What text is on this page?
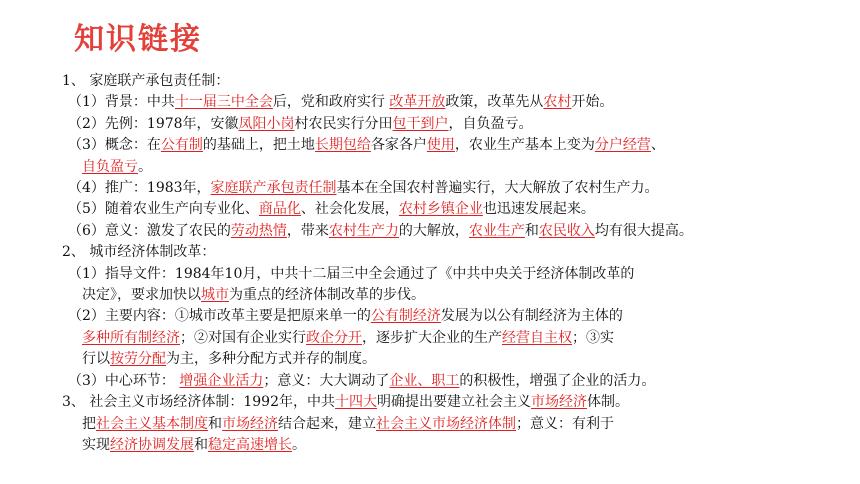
知识链接
1、 家庭联产承包责任制：
（1）背景：中共十一届三中全会后，党和政府实行 改革开放政策，改革先从农村开始。
（2）先例：1978年，安徽凤阳小岗村农民实行分田包干到户，自负盈亏。
（3）概念：在公有制的基础上，把土地长期包给各家各户使用，农业生产基本上变为分户经营、
自负盈亏。
（4）推广：1983年，家庭联产承包责任制基本在全国农村普遍实行，大大解放了农村生产力。
（5）随着农业生产向专业化、商品化、社会化发展，农村乡镇企业也迅速发展起来。
（6）意义：激发了农民的劳动热情，带来农村生产力的大解放，农业生产和农民收入均有很大提高。
2、 城市经济体制改革：
（1）指导文件：1984年10月，中共十二届三中全会通过了《中共中央关于经济体制改革的
决定》，要求加快以城市为重点的经济体制改革的步伐。
（2）主要内容：①城市改革主要是把原来单一的公有制经济发展为以公有制经济为主体的
多种所有制经济；②对国有企业实行政企分开，逐步扩大企业的生产经营自主权；③实
行以按劳分配为主，多种分配方式并存的制度。
（3）中心环节： 增强企业活力；意义：大大调动了企业、职工的积极性，增强了企业的活力。
3、 社会主义市场经济体制：1992年，中共十四大明确提出要建立社会主义市场经济体制。
把社会主义基本制度和市场经济结合起来，建立社会主义市场经济体制；意义：有利于
实现经济协调发展和稳定高速增长。
